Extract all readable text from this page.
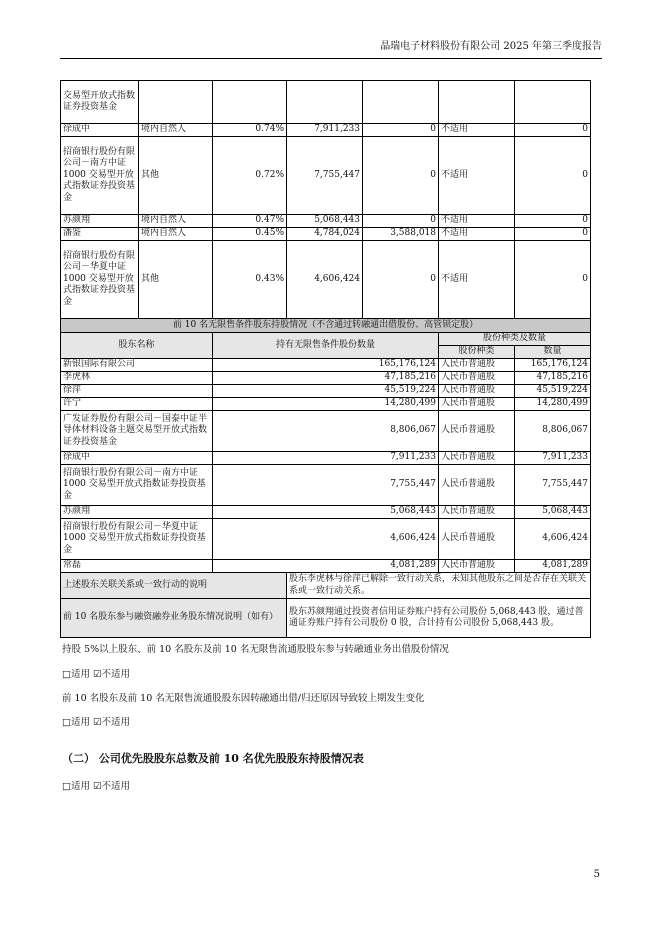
晶瑞电子材料股份有限公司 2025 年第三季度报告
交易型开放式指数证券投资基金						
徐成中	境内自然人	0.74%	7,911,233	0	不适用	0
招商银行股份有限公司－南方中证 1000 交易型开放式指数证券投资基金	其他	0.72%	7,755,447	0	不适用	0
苏颜翔	境内自然人	0.47%	5,068,443	0	不适用	0
潘鉴	境内自然人	0.45%	4,784,024	3,588,018	不适用	0
招商银行股份有限公司－华夏中证 1000 交易型开放式指数证券投资基金	其他	0.43%	4,606,424	0	不适用	0
前 10 名无限售条件股东持股情况（不含通过转融通出借股份、高管锁定股）						
股东名称		持有无限售条件股份数量			股份种类及数量	
					股份种类	数量
新银国际有限公司		165,176,124			人民币普通股	165,176,124
李虎林		47,185,216			人民币普通股	47,185,216
徐萍		45,519,224			人民币普通股	45,519,224
许宁		14,280,499			人民币普通股	14,280,499
广发证券股份有限公司－国泰中证半导体材料设备主题交易型开放式指数证券投资基金		8,806,067			人民币普通股	8,806,067
徐成中		7,911,233			人民币普通股	7,911,233
招商银行股份有限公司－南方中证 1000 交易型开放式指数证券投资基金		7,755,447			人民币普通股	7,755,447
苏颜翔		5,068,443			人民币普通股	5,068,443
招商银行股份有限公司－华夏中证 1000 交易型开放式指数证券投资基金		4,606,424			人民币普通股	4,606,424
常磊		4,081,289			人民币普通股	4,081,289
上述股东关联关系或一致行动的说明			股东李虎林与徐萍已解除一致行动关系，未知其他股东之间是否存在关联关系或一致行动关系。			
前 10 名股东参与融资融券业务股东情况说明（如有）			股东苏颜翔通过投资者信用证券账户持有公司股份 5,068,443 股，通过普通证券账户持有公司股份 0 股，合计持有公司股份 5,068,443 股。			
持股 5%以上股东、前 10 名股东及前 10 名无限售流通股股东参与转融通业务出借股份情况
□适用 ☑不适用
前 10 名股东及前 10 名无限售流通股股东因转融通出借/归还原因导致较上期发生变化
□适用 ☑不适用
（二） 公司优先股股东总数及前 10 名优先股股东持股情况表
□适用 ☑不适用
5
